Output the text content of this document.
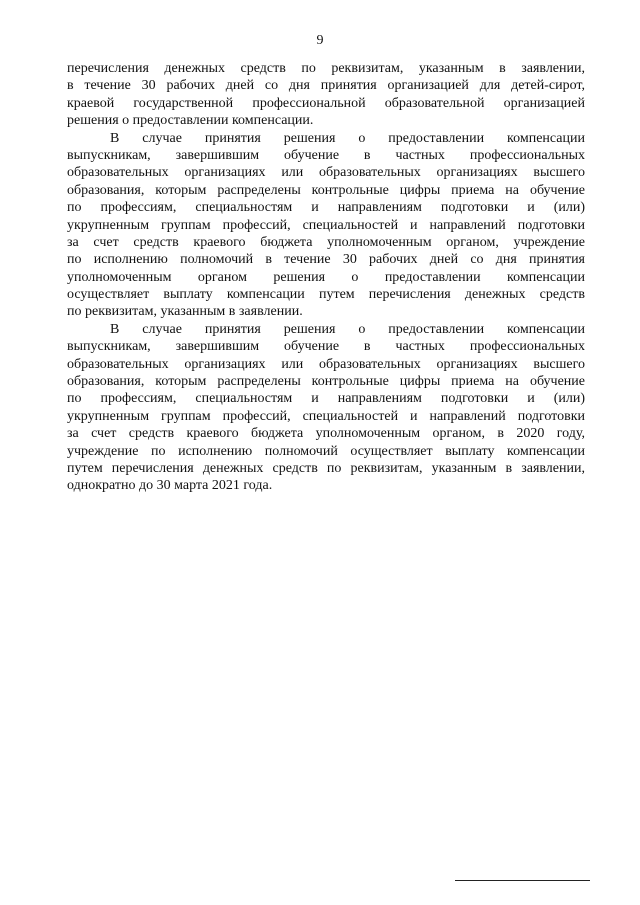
9
перечисления денежных средств по реквизитам, указанным в заявлении,
в течение 30 рабочих дней со дня принятия организацией для детей-сирот,
краевой государственной профессиональной образовательной организацией
решения о предоставлении компенсации.
В случае принятия решения о предоставлении компенсации
выпускникам, завершившим обучение в частных профессиональных
образовательных организациях или образовательных организациях высшего
образования, которым распределены контрольные цифры приема на обучение
по профессиям, специальностям и направлениям подготовки и (или)
укрупненным группам профессий, специальностей и направлений подготовки
за счет средств краевого бюджета уполномоченным органом, учреждение
по исполнению полномочий в течение 30 рабочих дней со дня принятия
уполномоченным органом решения о предоставлении компенсации
осуществляет выплату компенсации путем перечисления денежных средств
по реквизитам, указанным в заявлении.
В случае принятия решения о предоставлении компенсации
выпускникам, завершившим обучение в частных профессиональных
образовательных организациях или образовательных организациях высшего
образования, которым распределены контрольные цифры приема на обучение
по профессиям, специальностям и направлениям подготовки и (или)
укрупненным группам профессий, специальностей и направлений подготовки
за счет средств краевого бюджета уполномоченным органом, в 2020 году,
учреждение по исполнению полномочий осуществляет выплату компенсации
путем перечисления денежных средств по реквизитам, указанным в заявлении,
однократно до 30 марта 2021 года.
